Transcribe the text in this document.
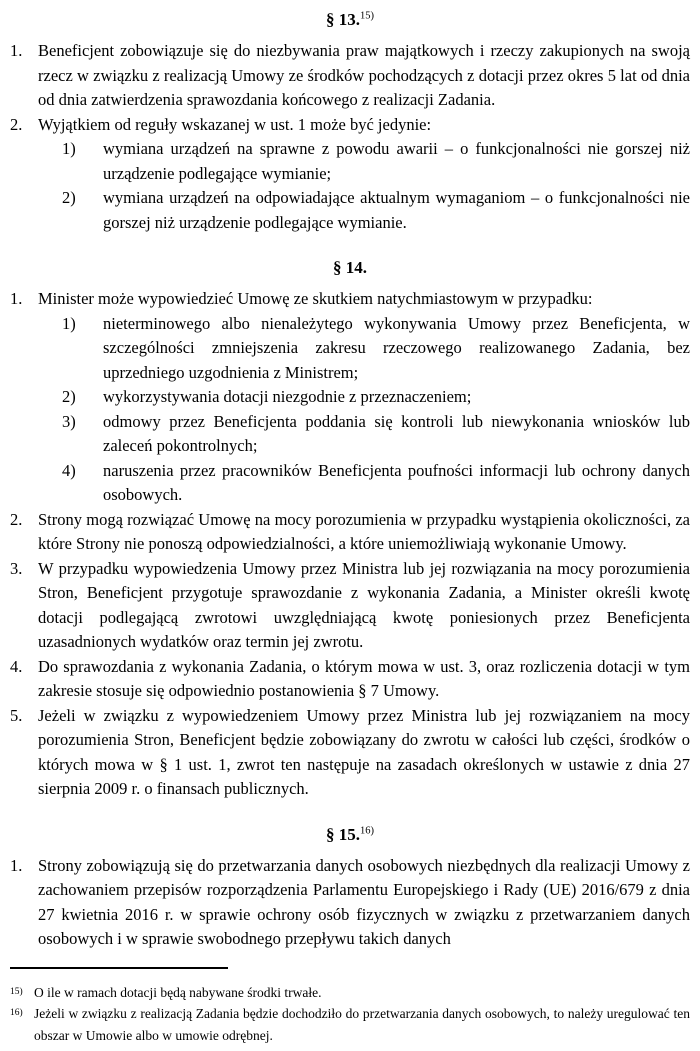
§ 13.$^{15)}$
1. Beneficjent zobowiązuje się do niezbywania praw majątkowych i rzeczy zakupionych na swoją rzecz w związku z realizacją Umowy ze środków pochodzących z dotacji przez okres 5 lat od dnia od dnia zatwierdzenia sprawozdania końcowego z realizacji Zadania.
2. Wyjątkiem od reguły wskazanej w ust. 1 może być jedynie:
1) wymiana urządzeń na sprawne z powodu awarii – o funkcjonalności nie gorszej niż urządzenie podlegające wymianie;
2) wymiana urządzeń na odpowiadające aktualnym wymaganiom – o funkcjonalności nie gorszej niż urządzenie podlegające wymianie.
§ 14.
1. Minister może wypowiedzieć Umowę ze skutkiem natychmiastowym w przypadku:
1) nieterminowego albo nienależytego wykonywania Umowy przez Beneficjenta, w szczególności zmniejszenia zakresu rzeczowego realizowanego Zadania, bez uprzedniego uzgodnienia z Ministrem;
2) wykorzystywania dotacji niezgodnie z przeznaczeniem;
3) odmowy przez Beneficjenta poddania się kontroli lub niewykonania wniosków lub zaleceń pokontrolnych;
4) naruszenia przez pracowników Beneficjenta poufności informacji lub ochrony danych osobowych.
2. Strony mogą rozwiązać Umowę na mocy porozumienia w przypadku wystąpienia okoliczności, za które Strony nie ponoszą odpowiedzialności, a które uniemożliwiają wykonanie Umowy.
3. W przypadku wypowiedzenia Umowy przez Ministra lub jej rozwiązania na mocy porozumienia Stron, Beneficjent przygotuje sprawozdanie z wykonania Zadania, a Minister określi kwotę dotacji podlegającą zwrotowi uwzględniającą kwotę poniesionych przez Beneficjenta uzasadnionych wydatków oraz termin jej zwrotu.
4. Do sprawozdania z wykonania Zadania, o którym mowa w ust. 3, oraz rozliczenia dotacji w tym zakresie stosuje się odpowiednio postanowienia § 7 Umowy.
5. Jeżeli w związku z wypowiedzeniem Umowy przez Ministra lub jej rozwiązaniem na mocy porozumienia Stron, Beneficjent będzie zobowiązany do zwrotu w całości lub części, środków o których mowa w § 1 ust. 1, zwrot ten następuje na zasadach określonych w ustawie z dnia 27 sierpnia 2009 r. o finansach publicznych.
§ 15.$^{16)}$
1. Strony zobowiązują się do przetwarzania danych osobowych niezbędnych dla realizacji Umowy z zachowaniem przepisów rozporządzenia Parlamentu Europejskiego i Rady (UE) 2016/679 z dnia 27 kwietnia 2016 r. w sprawie ochrony osób fizycznych w związku z przetwarzaniem danych osobowych i w sprawie swobodnego przepływu takich danych
15) O ile w ramach dotacji będą nabywane środki trwałe.
16) Jeżeli w związku z realizacją Zadania będzie dochodziło do przetwarzania danych osobowych, to należy uregulować ten obszar w Umowie albo w umowie odrębnej.
